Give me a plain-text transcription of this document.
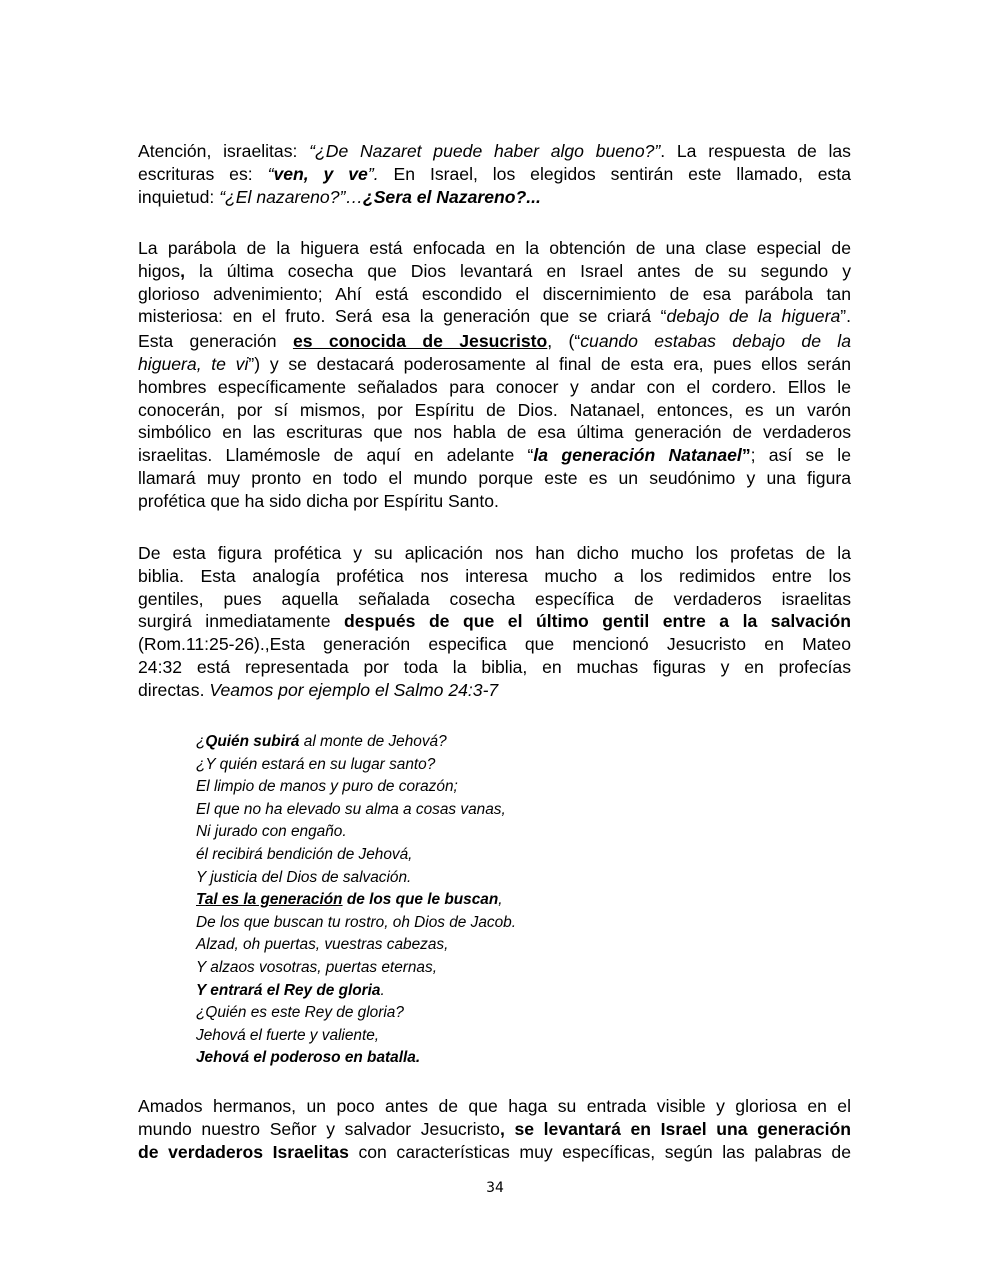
Atención, israelitas: “¿De Nazaret puede haber algo bueno?”. La respuesta de las
escrituras es: “ven, y ve”. En Israel, los elegidos sentirán este llamado, esta
inquietud: “¿El nazareno?”…¿Sera el Nazareno?...
La parábola de la higuera está enfocada en la obtención de una clase especial de
higos, la última cosecha que Dios levantará en Israel antes de su segundo y
glorioso advenimiento; Ahí está escondido el discernimiento de esa parábola tan
misteriosa: en el fruto. Será esa la generación que se criará “debajo de la higuera”.
Esta generación es conocida de Jesucristo, (“cuando estabas debajo de la
higuera, te vi”) y se destacará poderosamente al final de esta era, pues ellos serán
hombres específicamente señalados para conocer y andar con el cordero. Ellos le
conocerán, por sí mismos, por Espíritu de Dios. Natanael, entonces, es un varón
simbólico en las escrituras que nos habla de esa última generación de verdaderos
israelitas. Llamémosle de aquí en adelante “la generación Natanael”; así se le
llamará muy pronto en todo el mundo porque este es un seudónimo y una figura
profética que ha sido dicha por Espíritu Santo.
De esta figura profética y su aplicación nos han dicho mucho los profetas de la
biblia. Esta analogía profética nos interesa mucho a los redimidos entre los
gentiles, pues aquella señalada cosecha específica de verdaderos israelitas
surgirá inmediatamente después de que el último gentil entre a la salvación
(Rom.11:25-26).,Esta generación especifica que mencionó Jesucristo en Mateo
24:32 está representada por toda la biblia, en muchas figuras y en profecías
directas. Veamos por ejemplo el Salmo 24:3-7
¿Quién subirá al monte de Jehová?
¿Y quién estará en su lugar santo?
El limpio de manos y puro de corazón;
El que no ha elevado su alma a cosas vanas,
Ni jurado con engaño.
él recibirá bendición de Jehová,
Y justicia del Dios de salvación.
Tal es la generación de los que le buscan,
De los que buscan tu rostro, oh Dios de Jacob.
Alzad, oh puertas, vuestras cabezas,
Y alzaos vosotras, puertas eternas,
Y entrará el Rey de gloria.
¿Quién es este Rey de gloria?
Jehová el fuerte y valiente,
Jehová el poderoso en batalla.
Amados hermanos, un poco antes de que haga su entrada visible y gloriosa en el
mundo nuestro Señor y salvador Jesucristo, se levantará en Israel una generación
de verdaderos Israelitas con características muy específicas, según las palabras de
34
